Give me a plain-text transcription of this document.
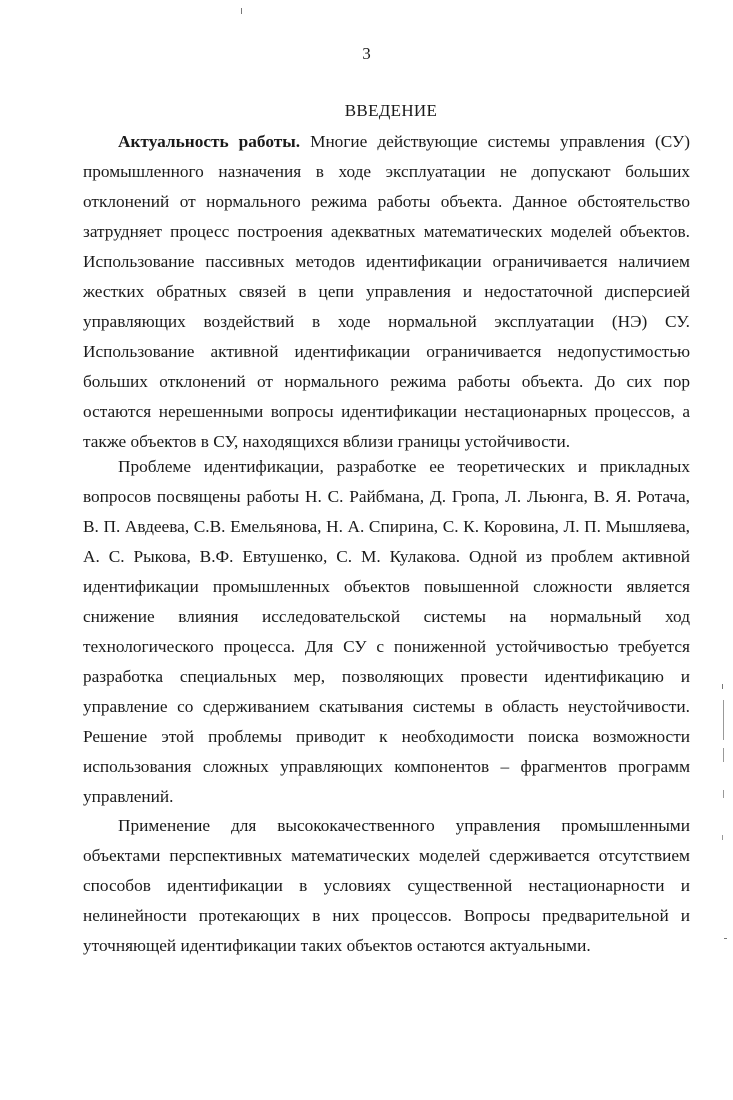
3
ВВЕДЕНИЕ

Актуальность работы. Многие действующие системы управления (СУ) промышленного назначения в ходе эксплуатации не допускают больших отклонений от нормального режима работы объекта. Данное обстоятельство затрудняет процесс построения адекватных математических моделей объектов. Использование пассивных методов идентификации ограничивается наличием жестких обратных связей в цепи управления и недостаточной дисперсией управляющих воздействий в ходе нормальной эксплуатации (НЭ) СУ. Использование активной идентификации ограничивается недопустимостью больших отклонений от нормального режима работы объекта. До сих пор остаются нерешенными вопросы идентификации нестационарных процессов, а также объектов в СУ, находящихся вблизи границы устойчивости.

Проблеме идентификации, разработке ее теоретических и прикладных вопросов посвящены работы Н. С. Райбмана, Д. Гропа, Л. Льюнга, В. Я. Ротача, В. П. Авдеева, С.В. Емельянова, Н. А. Спирина, С. К. Коровина, Л. П. Мышляева, А. С. Рыкова, В.Ф. Евтушенко, С. М. Кулакова. Одной из проблем активной идентификации промышленных объектов повышенной сложности является снижение влияния исследовательской системы на нормальный ход технологического процесса. Для СУ с пониженной устойчивостью требуется разработка специальных мер, позволяющих провести идентификацию и управление со сдерживанием скатывания системы в область неустойчивости. Решение этой проблемы приводит к необходимости поиска возможности использования сложных управляющих компонентов – фрагментов программ управлений.

Применение для высококачественного управления промышленными объектами перспективных математических моделей сдерживается отсутствием способов идентификации в условиях существенной нестационарности и нелинейности протекающих в них процессов. Вопросы предварительной и уточняющей идентификации таких объектов остаются актуальными.
